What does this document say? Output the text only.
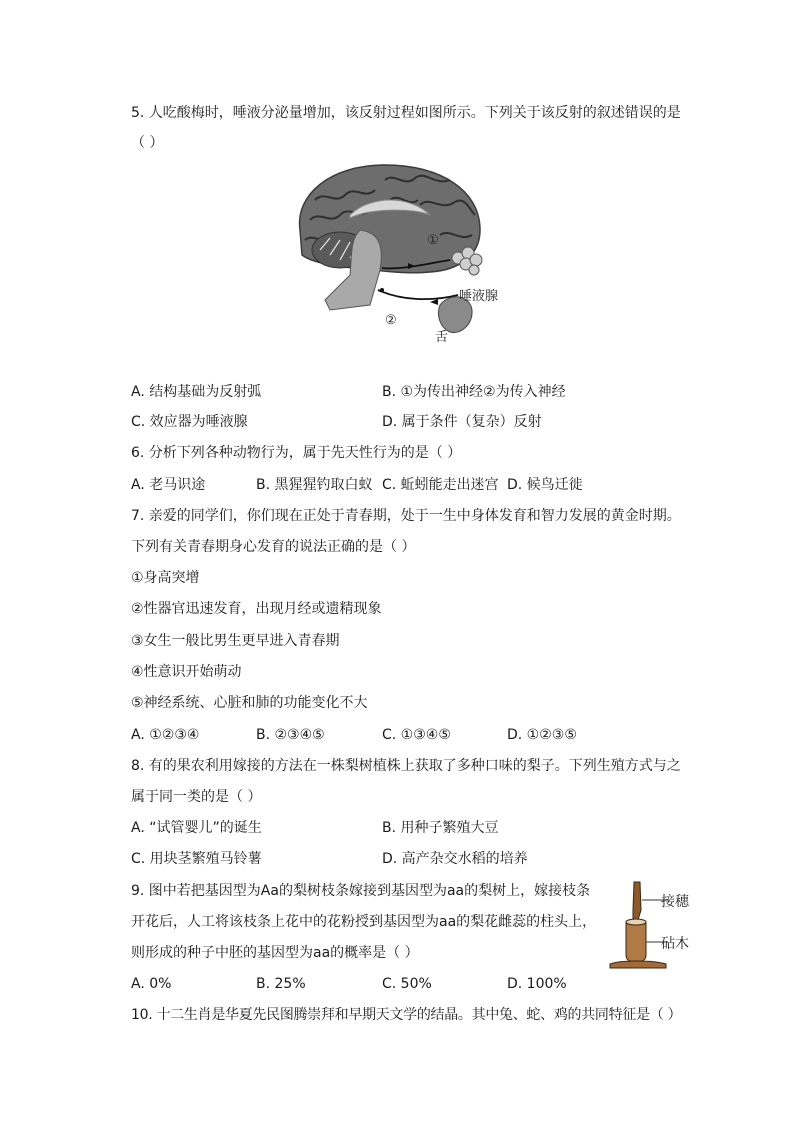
5. 人吃酸梅时，唾液分泌量增加，该反射过程如图所示。下列关于该反射的叙述错误的是
（ ）
①
②
唾液腺
舌
A. 结构基础为反射弧	B. ①为传出神经②为传入神经
C. 效应器为唾液腺	D. 属于条件（复杂）反射
6. 分析下列各种动物行为，属于先天性行为的是（ ）
A. 老马识途	B. 黑猩猩钓取白蚁 C. 蚯蚓能走出迷宫 D. 候鸟迁徙
7. 亲爱的同学们，你们现在正处于青春期，处于一生中身体发育和智力发展的黄金时期。
下列有关青春期身心发育的说法正确的是（ ）
①身高突增
②性器官迅速发育，出现月经或遗精现象
③女生一般比男生更早进入青春期
④性意识开始萌动
⑤神经系统、心脏和肺的功能变化不大
A. ①②③④	B. ②③④⑤	C. ①③④⑤	D. ①②③⑤
8. 有的果农利用嫁接的方法在一株梨树植株上获取了多种口味的梨子。下列生殖方式与之
属于同一类的是（ ）
A. “试管婴儿”的诞生	B. 用种子繁殖大豆
C. 用块茎繁殖马铃薯	D. 高产杂交水稻的培养
9. 图中若把基因型为Aa的梨树枝条嫁接到基因型为aa的梨树上，嫁接枝条
开花后，人工将该枝条上花中的花粉授到基因型为aa的梨花雌蕊的柱头上，
则形成的种子中胚的基因型为aa的概率是（ ）
接穗
砧木
A. 0%	B. 25%	C. 50%	D. 100%
10. 十二生肖是华夏先民图腾崇拜和早期天文学的结晶。其中兔、蛇、鸡的共同特征是（ ）
